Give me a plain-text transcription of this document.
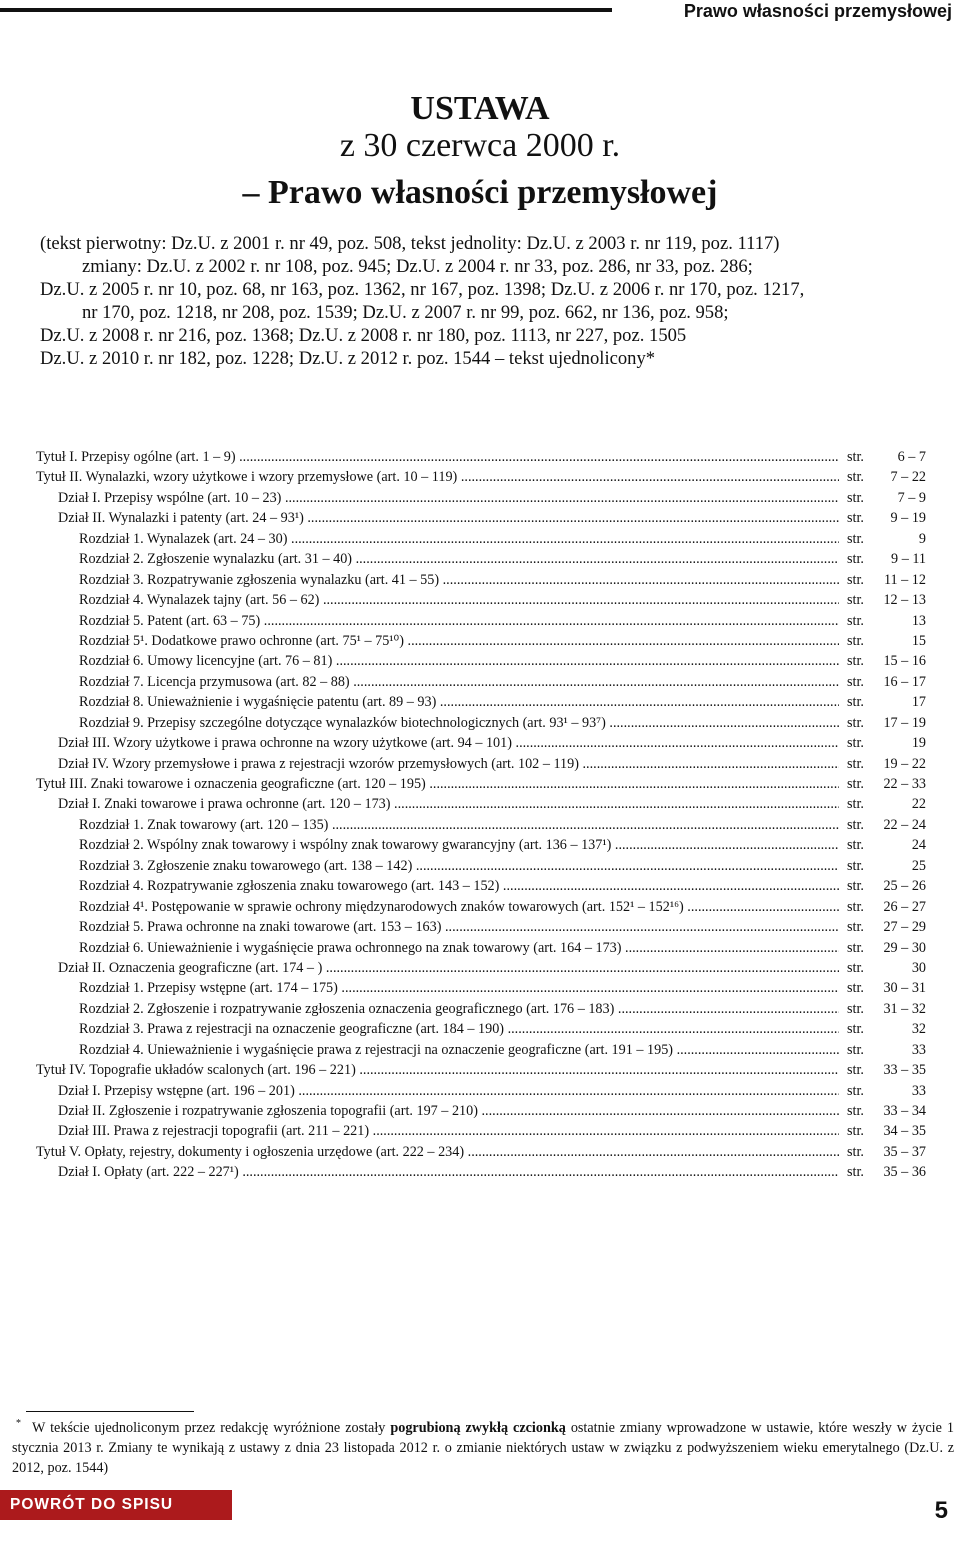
Prawo własności przemysłowej
USTAWA
z 30 czerwca 2000 r.
– Prawo własności przemysłowej

(tekst pierwotny: Dz.U. z 2001 r. nr 49, poz. 508, tekst jednolity: Dz.U. z 2003 r. nr 119, poz. 1117)

zmiany: Dz.U. z 2002 r. nr 108, poz. 945; Dz.U. z 2004 r. nr 33, poz. 286, nr 33, poz. 286;

Dz.U. z 2005 r. nr 10, poz. 68, nr 163, poz. 1362, nr 167, poz. 1398; Dz.U. z 2006 r. nr 170, poz. 1217,

nr 170, poz. 1218, nr 208, poz. 1539; Dz.U. z 2007 r. nr 99, poz. 662, nr 136, poz. 958;

Dz.U. z 2008 r. nr 216, poz. 1368; Dz.U. z 2008 r. nr 180, poz. 1113, nr 227, poz. 1505

Dz.U. z 2010 r. nr 182, poz. 1228; Dz.U. z 2012 r. poz. 1544 – tekst ujednolicony*

Tytuł I. Przepisy ogólne (art. 1 – 9) .....	str. 6 – 7
Tytuł II. Wynalazki, wzory użytkowe i wzory przemysłowe (art. 10 – 119) .....	str. 7 – 22
Dział I. Przepisy wspólne (art. 10 – 23) .....	str. 7 – 9
Dział II. Wynalazki i patenty (art. 24 – 93¹) .....	str. 9 – 19
Rozdział 1. Wynalazek (art. 24 – 30) .....	str.	9
Rozdział 2. Zgłoszenie wynalazku (art. 31 – 40) .....	str. 9 – 11
Rozdział 3. Rozpatrywanie zgłoszenia wynalazku (art. 41 – 55) .....	str. 11 – 12
Rozdział 4. Wynalazek tajny (art. 56 – 62) .....	str. 12 – 13
Rozdział 5. Patent (art. 63 – 75) .....	str.	13
Rozdział 5¹. Dodatkowe prawo ochronne (art. 75¹ – 75¹⁰) .....	str.	15
Rozdział 6. Umowy licencyjne (art. 76 – 81) .....	str. 15 – 16
Rozdział 7. Licencja przymusowa (art. 82 – 88) .....	str. 16 – 17
Rozdział 8. Unieważnienie i wygaśnięcie patentu (art. 89 – 93) .....	str.	17
Rozdział 9. Przepisy szczególne dotyczące wynalazków biotechnologicznych (art. 93¹ – 93⁷) .....	str. 17 – 19
Dział III. Wzory użytkowe i prawa ochronne na wzory użytkowe (art. 94 – 101) .....	str.	19
Dział IV. Wzory przemysłowe i prawa z rejestracji wzorów przemysłowych (art. 102 – 119) .....	str. 19 – 22
Tytuł III. Znaki towarowe i oznaczenia geograficzne (art. 120 – 195) .....	str. 22 – 33
Dział I. Znaki towarowe i prawa ochronne (art. 120 – 173) .....	str.	22
Rozdział 1. Znak towarowy (art. 120 – 135) .....	str. 22 – 24
Rozdział 2. Wspólny znak towarowy i wspólny znak towarowy gwarancyjny (art. 136 – 137¹) .....	str.	24
Rozdział 3. Zgłoszenie znaku towarowego (art. 138 – 142) .....	str.	25
Rozdział 4. Rozpatrywanie zgłoszenia znaku towarowego (art. 143 – 152) .....	str. 25 – 26
Rozdział 4¹. Postępowanie w sprawie ochrony międzynarodowych znaków towarowych (art. 152¹ – 152¹⁶) .....	str. 26 – 27
Rozdział 5. Prawa ochronne na znaki towarowe (art. 153 – 163) .....	str. 27 – 29
Rozdział 6. Unieważnienie i wygaśnięcie prawa ochronnego na znak towarowy (art. 164 – 173) .....	str. 29 – 30
Dział II. Oznaczenia geograficzne (art. 174 – ) .....	str.	30
Rozdział 1. Przepisy wstępne (art. 174 – 175) .....	str. 30 – 31
Rozdział 2. Zgłoszenie i rozpatrywanie zgłoszenia oznaczenia geograficznego (art. 176 – 183) .....	str. 31 – 32
Rozdział 3. Prawa z rejestracji na oznaczenie geograficzne (art. 184 – 190) .....	str.	32
Rozdział 4. Unieważnienie i wygaśnięcie prawa z rejestracji na oznaczenie geograficzne (art. 191 – 195) .....	str.	33
Tytuł IV. Topografie układów scalonych (art. 196 – 221) .....	str. 33 – 35
Dział I. Przepisy wstępne (art. 196 – 201) .....	str.	33
Dział II. Zgłoszenie i rozpatrywanie zgłoszenia topografii (art. 197 – 210) .....	str. 33 – 34
Dział III. Prawa z rejestracji topografii (art. 211 – 221) .....	str. 34 – 35
Tytuł V. Opłaty, rejestry, dokumenty i ogłoszenia urzędowe (art. 222 – 234) .....	str. 35 – 37
Dział I. Opłaty (art. 222 – 227¹) .....	str. 35 – 36
* W tekście ujednoliconym przez redakcję wyróżnione zostały pogrubioną zwykłą czcionką ostatnie zmiany wprowadzone w ustawie, które weszły w życie 1 stycznia 2013 r. Zmiany te wynikają z ustawy z dnia 23 listopada 2012 r. o zmianie niektórych ustaw w związku z podwyższeniem wieku emerytalnego (Dz.U. z 2012, poz. 1544)

POWRÓT DO SPISU TREŚCI
5
